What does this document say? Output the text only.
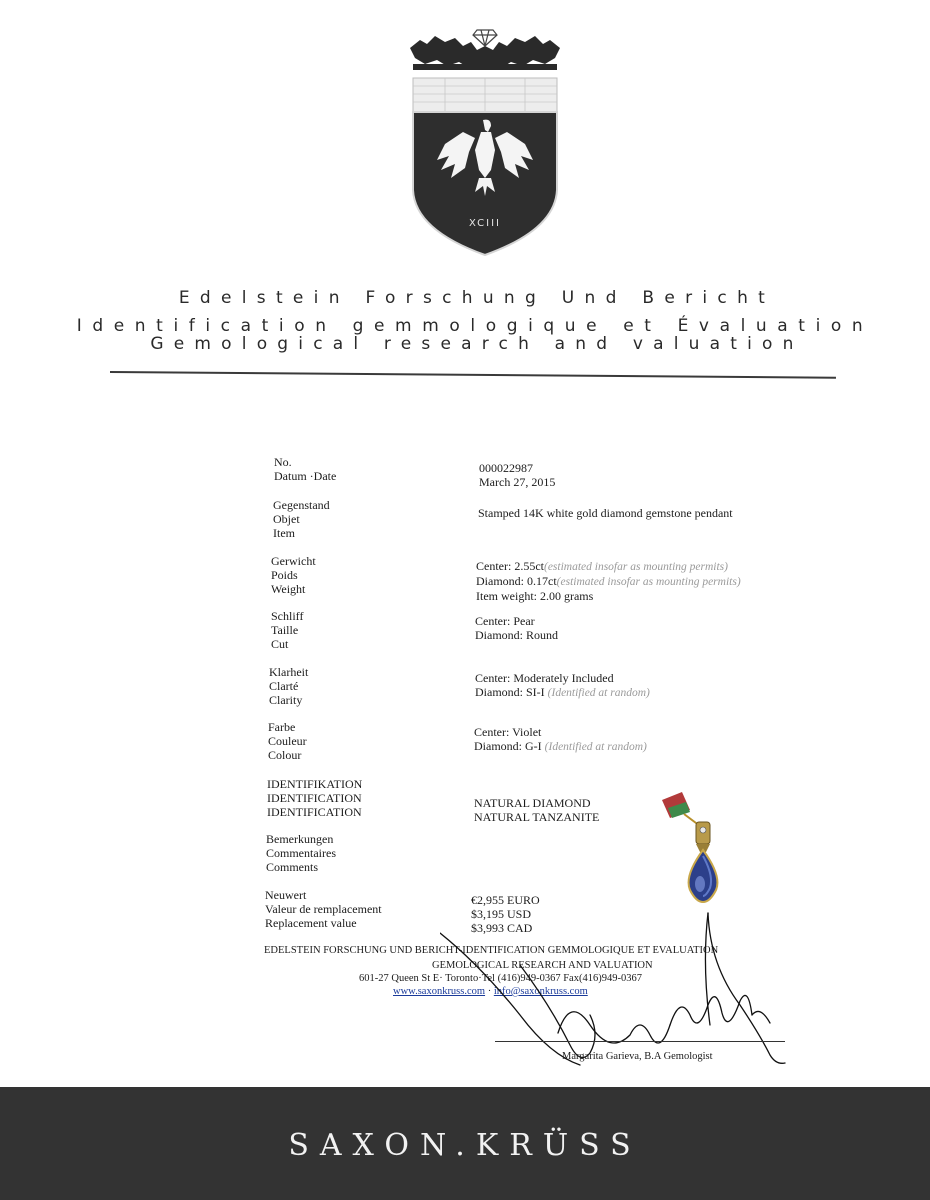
XCIII
Edelstein Forschung Und Bericht
Identification gemmologique et Évaluation
Gemological research and valuation
No.
Datum ·Date
000022987
March 27, 2015
Gegenstand
Objet
Item
Stamped 14K white gold diamond gemstone pendant
Gerwicht
Poids
Weight
Center: 2.55ct(estimated insofar as mounting permits)
Diamond: 0.17ct(estimated insofar as mounting permits)
Item weight: 2.00 grams
Schliff
Taille
Cut
Center: Pear
Diamond: Round
Klarheit
Clarté
Clarity
Center: Moderately Included
Diamond: SI-I (Identified at random)
Farbe
Couleur
Colour
Center: Violet
Diamond: G-I (Identified at random)
IDENTIFIKATION
IDENTIFICATION
IDENTIFICATION
NATURAL DIAMOND
NATURAL TANZANITE
Bemerkungen
Commentaires
Comments
Neuwert
Valeur de remplacement
Replacement value
€2,955 EURO
$3,195 USD
$3,993 CAD
EDELSTEIN FORSCHUNG UND BERICHT-IDENTIFICATION GEMMOLOGIQUE ET EVALUATION
GEMOLOGICAL RESEARCH AND VALUATION
601-27 Queen St E· Toronto·Tel (416)949-0367 Fax(416)949-0367
www.saxonkruss.com · info@saxonkruss.com
Margarita Garieva, B.A Gemologist
SAXON.KRÜSS
